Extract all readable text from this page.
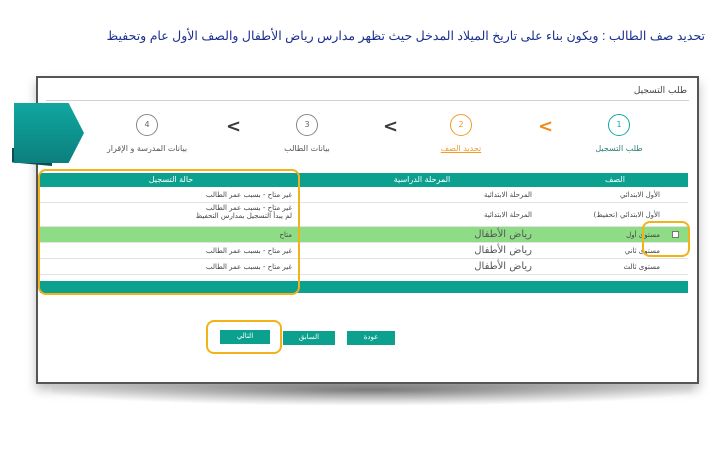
تحديد صف الطالب : ويكون بناء على تاريخ الميلاد المدخل حيث تظهر مدارس رياض الأطفال والصف الأول عام وتحفيظ
طلب التسجيل
4
بيانات المدرسة و الإقرار
<	3
بيانات الطالب
<	2
تحديد الصف
<	1
طلب التسجيل
حالة التسجيل	المرحلة الدراسية	الصف
غير متاح - بسبب عمر الطالب	المرحلة الابتدائية	الأول الابتدائي
غير متاح - بسبب عمر الطالب
لم يبدأ التسجيل بمدارس التحفيظ	المرحلة الابتدائية	الأول الابتدائي (تحفيظ)
متاح	رياض الأطفال	مستوى أول
غير متاح - بسبب عمر الطالب	رياض الأطفال	مستوى ثاني
غير متاح - بسبب عمر الطالب	رياض الأطفال	مستوى ثالث
التالي	السابق	عودة
